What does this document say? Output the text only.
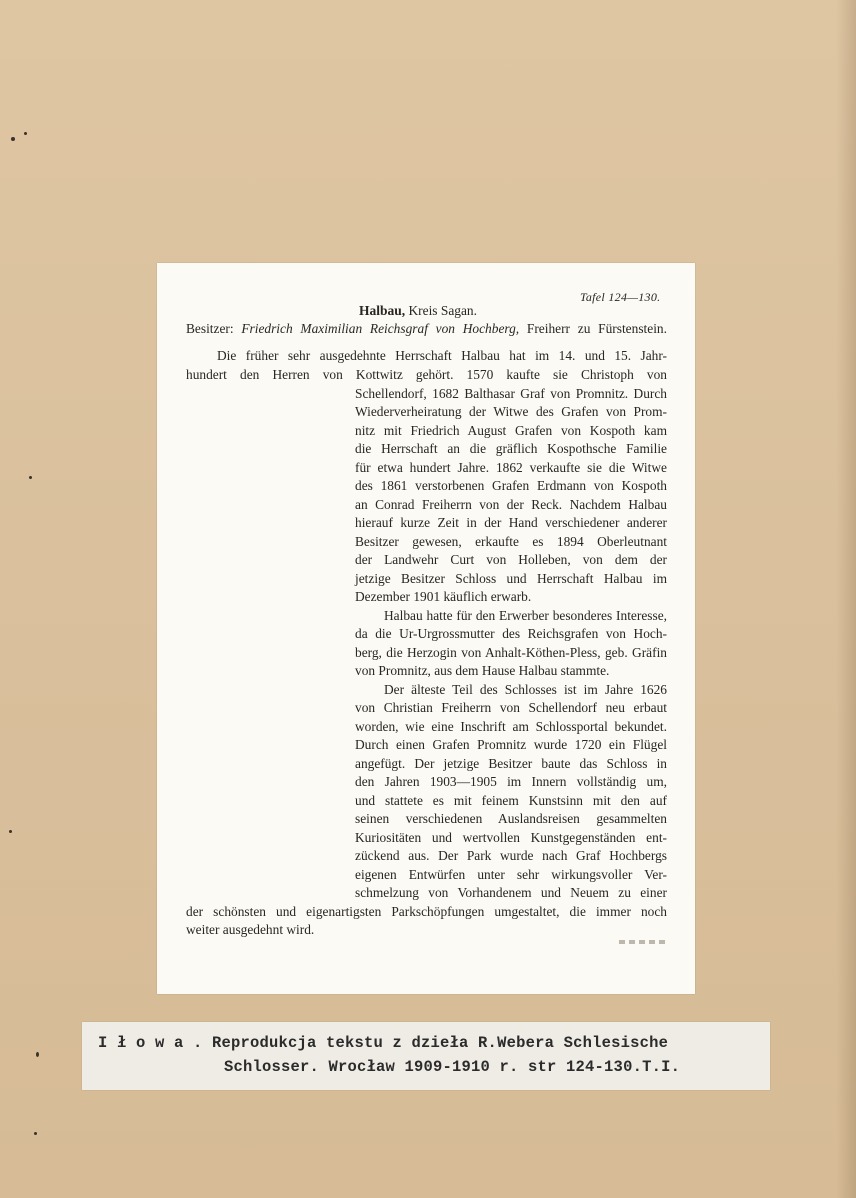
Tafel 124—130.
Halbau, Kreis Sagan.
Besitzer: Friedrich Maximilian Reichsgraf von Hochberg, Freiherr zu Fürstenstein.
Die früher sehr ausgedehnte Herrschaft Halbau hat im 14. und 15. Jahr-
hundert den Herren von Kottwitz gehört. 1570 kaufte sie Christoph von
Schellendorf, 1682 Balthasar Graf von Promnitz. Durch
Wiederverheiratung der Witwe des Grafen von Prom-
nitz mit Friedrich August Grafen von Kospoth kam
die Herrschaft an die gräflich Kospothsche Familie
für etwa hundert Jahre. 1862 verkaufte sie die Witwe
des 1861 verstorbenen Grafen Erdmann von Kospoth
an Conrad Freiherrn von der Reck. Nachdem Halbau
hierauf kurze Zeit in der Hand verschiedener anderer
Besitzer gewesen, erkaufte es 1894 Oberleutnant
der Landwehr Curt von Holleben, von dem der
jetzige Besitzer Schloss und Herrschaft Halbau im
Dezember 1901 käuflich erwarb.
Halbau hatte für den Erwerber besonderes Interesse,
da die Ur-Urgrossmutter des Reichsgrafen von Hoch-
berg, die Herzogin von Anhalt-Köthen-Pless, geb. Gräfin
von Promnitz, aus dem Hause Halbau stammte.
Der älteste Teil des Schlosses ist im Jahre 1626
von Christian Freiherrn von Schellendorf neu erbaut
worden, wie eine Inschrift am Schlossportal bekundet.
Durch einen Grafen Promnitz wurde 1720 ein Flügel
angefügt. Der jetzige Besitzer baute das Schloss in
den Jahren 1903—1905 im Innern vollständig um,
und stattete es mit feinem Kunstsinn mit den auf
seinen verschiedenen Auslandsreisen gesammelten
Kuriositäten und wertvollen Kunstgegenständen ent-
zückend aus. Der Park wurde nach Graf Hochbergs
eigenen Entwürfen unter sehr wirkungsvoller Ver-
schmelzung von Vorhandenem und Neuem zu einer
der schönsten und eigenartigsten Parkschöpfungen umgestaltet, die immer noch
weiter ausgedehnt wird.
I ł o w a . Reprodukcja tekstu z dzieła R.Webera Schlesische
Schlosser. Wrocław 1909-1910 r. str 124-130.T.I.
